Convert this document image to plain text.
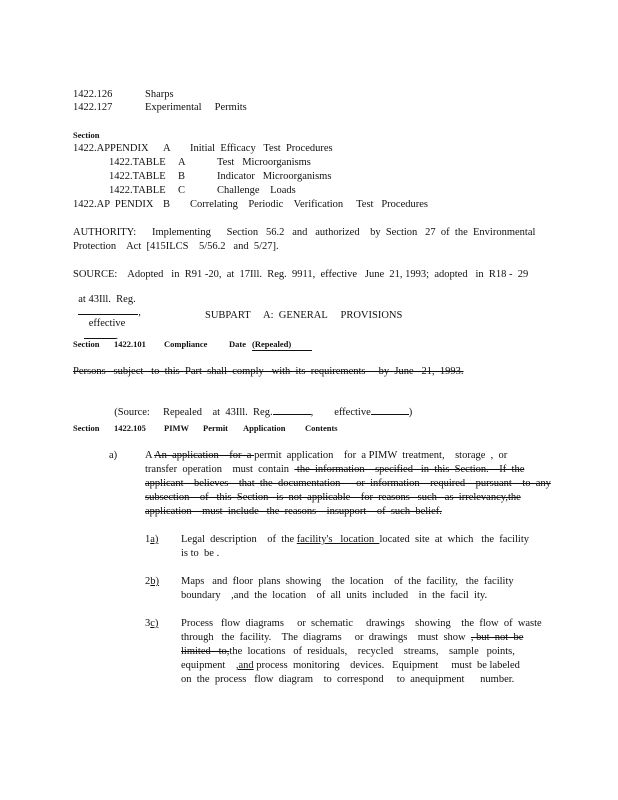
1422.126	Sharps
1422.127	Experimental     Permits
Section
1422.APPENDIX A Initial  Efficacy   Test  Procedures
1422.TABLE A	Test   Microorganisms
1422.TABLE B	Indicator   Microorganisms
1422.TABLE C	Challenge    Loads
1422.AP  PENDIX B Correlating    Periodic    Verification     Test   Procedures
AUTHORITY:      Implementing      Section   56.2   and   authorized    by  Section   27  of  the  Environmental
Protection    Act  [415ILCS    5/56.2   and  5/27].
SOURCE:    Adopted   in  R91 -20,  at  17Ill.  Reg.  9911,  effective   June  21, 1993;  adopted   in  R18 -  29

at 43Ill.  Reg.
,
effective
.

SUBPART     A:  GENERAL     PROVISIONS
Section 1422.101 Compliance	Date (Repealed)
Persons   subject   to  this  Part  shall  comply   with  its  requirements     by  June   21,  1993.

(Source:     Repealed    at  43Ill.  Reg.	, effective	)

Section 1422.105 PIMW Permit Application Contents
a)	A An  application    for  a permit  application    for  a PIMW  treatment,    storage  ,  or
transfer  operation    must  contain   the  information    specified   in  this  Section.    If  the
applicant    believes    that  the  documentation      or  information    required    pursuant    to  any
subsection    of   this  Section   is  not  applicable    for  reasons   such   as  irrelevancy,the
application    must  include   the  reasons    insupport    of  such  belief.
1a) Legal  description    of  the facility's   location  located  site  at  which   the  facility
is to  be .
2b) Maps   and  floor  plans  showing    the  location    of  the  facility,   the  facility
boundary    ,and  the  location    of  all  units  included    in  the  facil  ity.
3c) Process   flow  diagrams     or  schematic     drawings    showing    the  flow  of  waste
through   the  facility.    The  diagrams     or  drawings    must  show  , but  not  be
limited   to,the  locations   of  residuals,    recycled    streams,    sample   points,
equipment    ,and process  monitoring    devices.   Equipment     must  be labeled
on  the  process   flow  diagram    to  correspond     to  anequipment      number.
